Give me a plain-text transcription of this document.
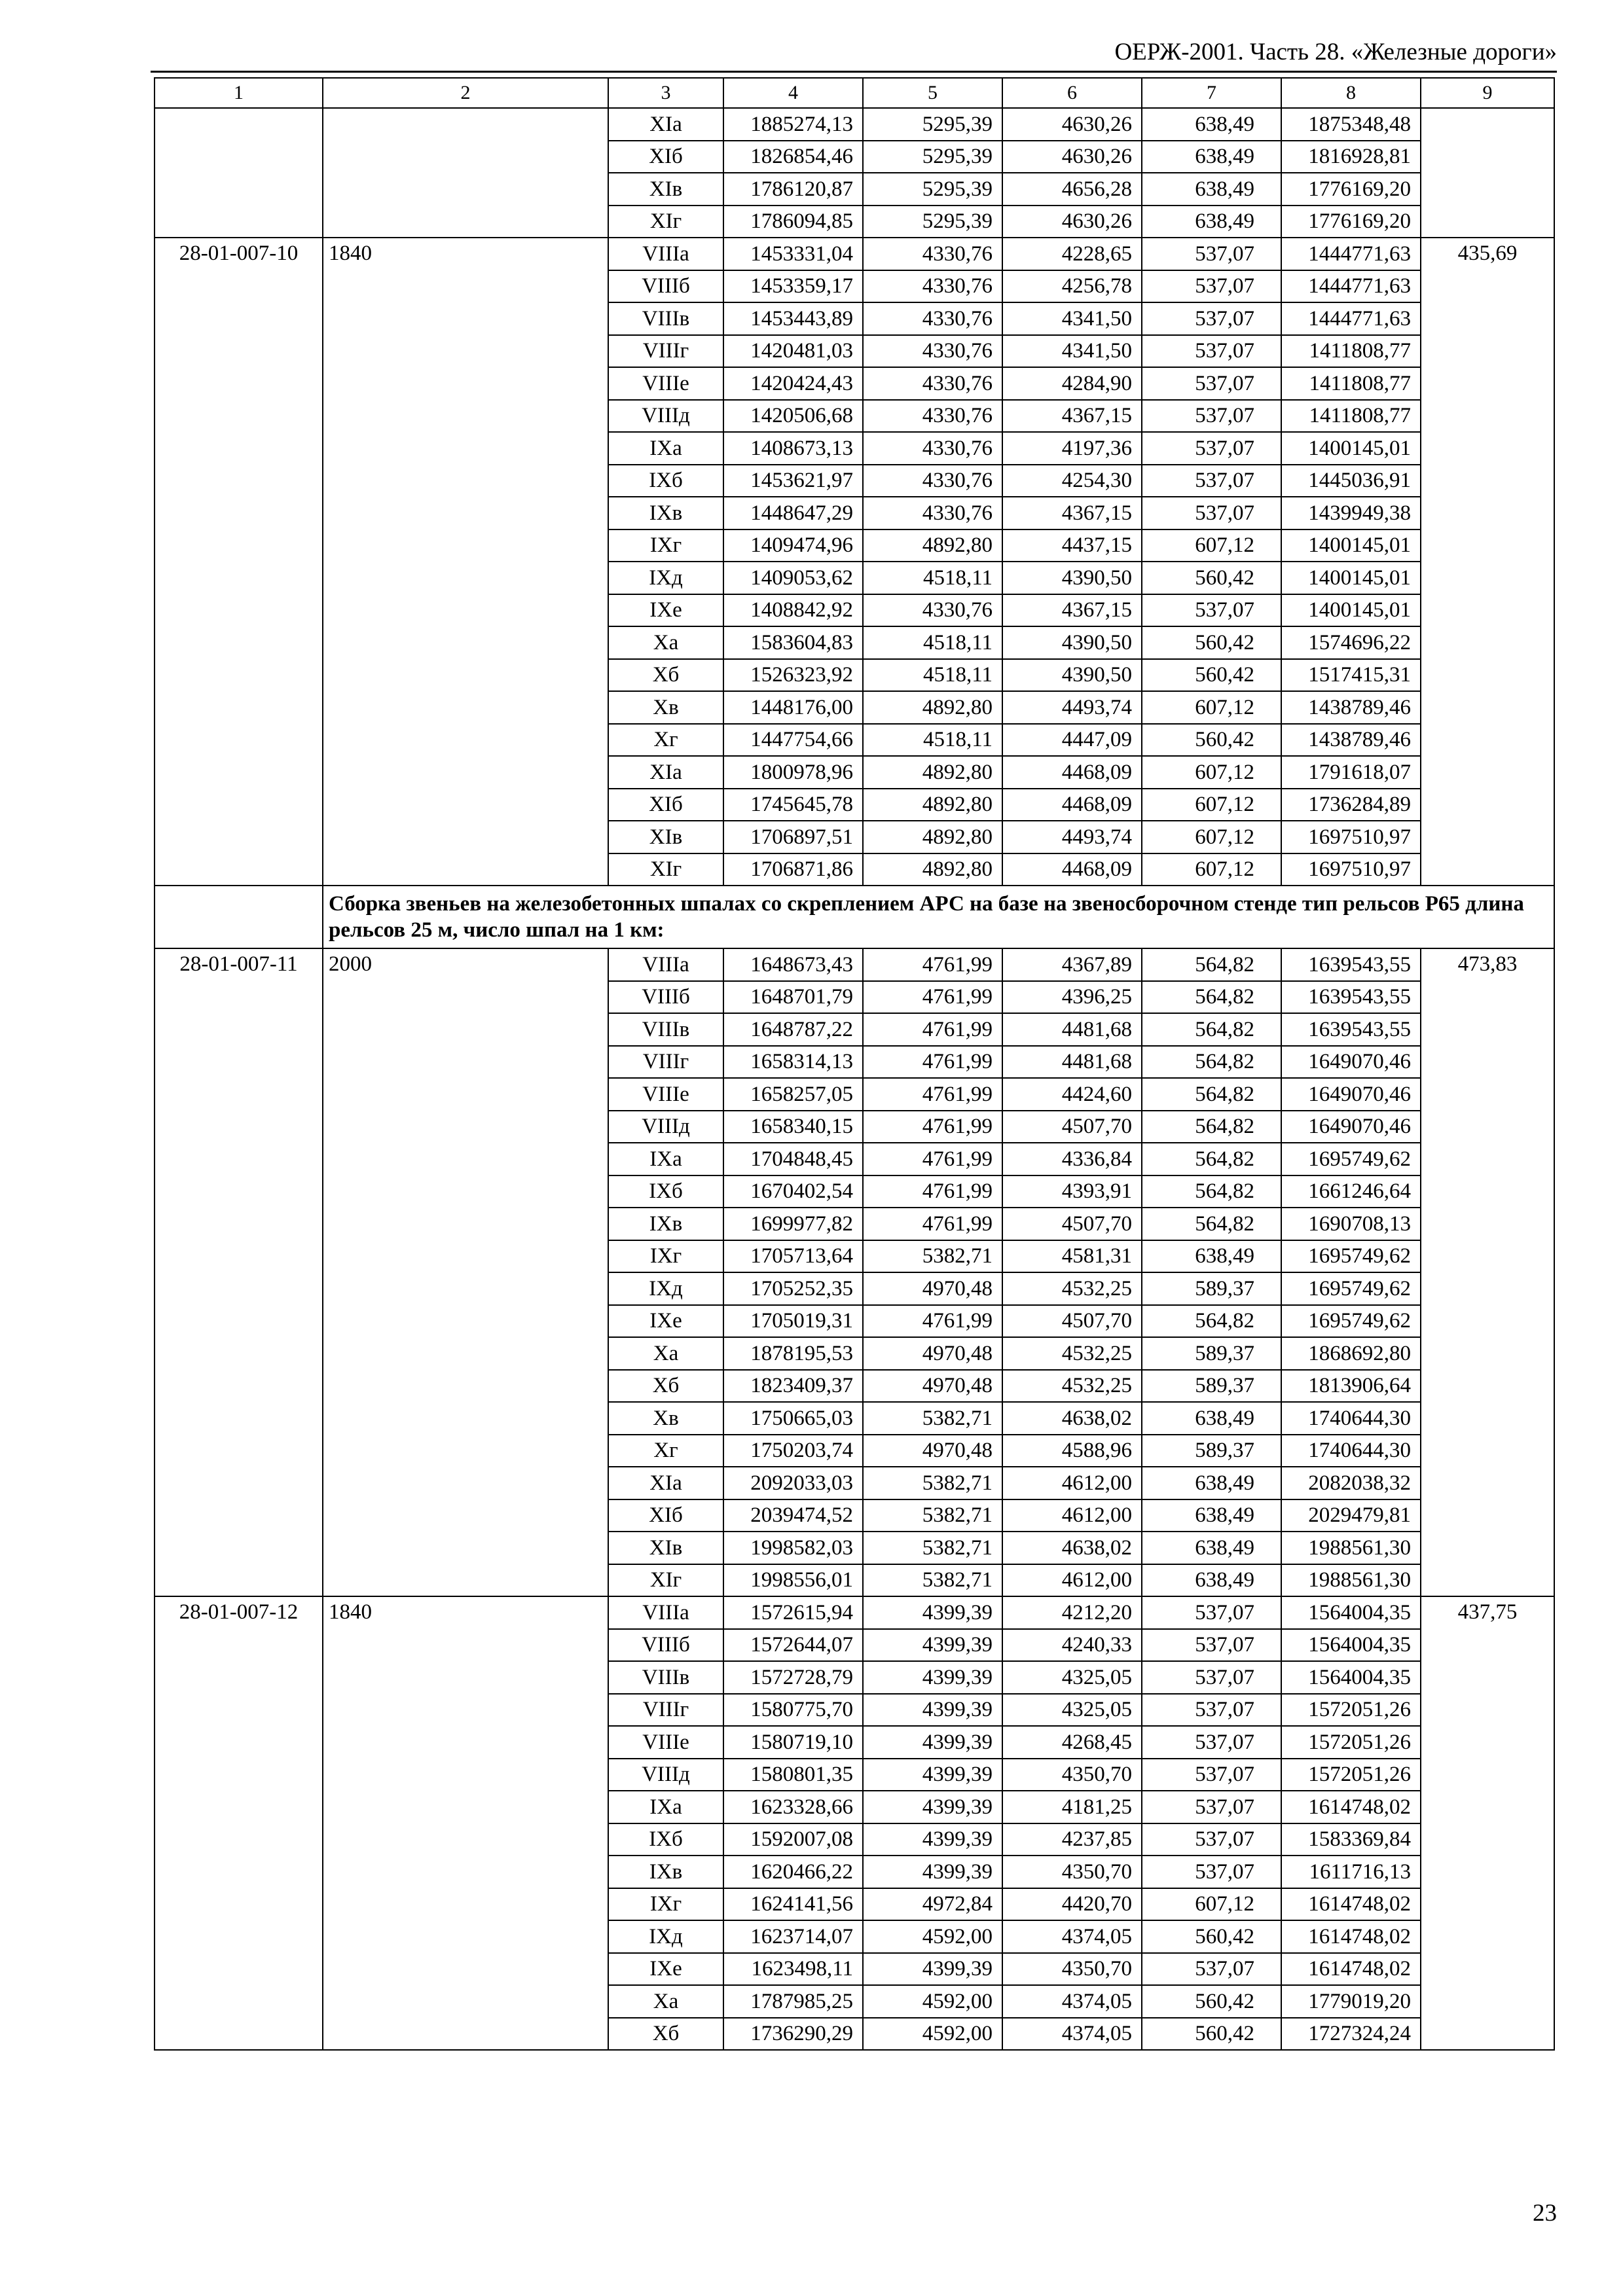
ОЕРЖ-2001. Часть 28. «Железные дороги»
1	2	3	4	5	6	7	8	9
		XIа	1885274,13	5295,39	4630,26	638,49	1875348,48	
		XIб	1826854,46	5295,39	4630,26	638,49	1816928,81	
		XIв	1786120,87	5295,39	4656,28	638,49	1776169,20	
		XIг	1786094,85	5295,39	4630,26	638,49	1776169,20	
28-01-007-10	1840	VIIIа	1453331,04	4330,76	4228,65	537,07	1444771,63	435,69
		VIIIб	1453359,17	4330,76	4256,78	537,07	1444771,63	
		VIIIв	1453443,89	4330,76	4341,50	537,07	1444771,63	
		VIIIг	1420481,03	4330,76	4341,50	537,07	1411808,77	
		VIIIе	1420424,43	4330,76	4284,90	537,07	1411808,77	
		VIIIд	1420506,68	4330,76	4367,15	537,07	1411808,77	
		IXа	1408673,13	4330,76	4197,36	537,07	1400145,01	
		IXб	1453621,97	4330,76	4254,30	537,07	1445036,91	
		IXв	1448647,29	4330,76	4367,15	537,07	1439949,38	
		IXг	1409474,96	4892,80	4437,15	607,12	1400145,01	
		IXд	1409053,62	4518,11	4390,50	560,42	1400145,01	
		IXе	1408842,92	4330,76	4367,15	537,07	1400145,01	
		Xа	1583604,83	4518,11	4390,50	560,42	1574696,22	
		Xб	1526323,92	4518,11	4390,50	560,42	1517415,31	
		Xв	1448176,00	4892,80	4493,74	607,12	1438789,46	
		Xг	1447754,66	4518,11	4447,09	560,42	1438789,46	
		XIа	1800978,96	4892,80	4468,09	607,12	1791618,07	
		XIб	1745645,78	4892,80	4468,09	607,12	1736284,89	
		XIв	1706897,51	4892,80	4493,74	607,12	1697510,97	
		XIг	1706871,86	4892,80	4468,09	607,12	1697510,97	
	Сборка звеньев на железобетонных шпалах со скреплением АРС на базе на звеносборочном стенде тип рельсов Р65 длина рельсов 25 м, число шпал на 1 км:							
28-01-007-11	2000	VIIIа	1648673,43	4761,99	4367,89	564,82	1639543,55	473,83
		VIIIб	1648701,79	4761,99	4396,25	564,82	1639543,55	
		VIIIв	1648787,22	4761,99	4481,68	564,82	1639543,55	
		VIIIг	1658314,13	4761,99	4481,68	564,82	1649070,46	
		VIIIе	1658257,05	4761,99	4424,60	564,82	1649070,46	
		VIIIд	1658340,15	4761,99	4507,70	564,82	1649070,46	
		IXа	1704848,45	4761,99	4336,84	564,82	1695749,62	
		IXб	1670402,54	4761,99	4393,91	564,82	1661246,64	
		IXв	1699977,82	4761,99	4507,70	564,82	1690708,13	
		IXг	1705713,64	5382,71	4581,31	638,49	1695749,62	
		IXд	1705252,35	4970,48	4532,25	589,37	1695749,62	
		IXе	1705019,31	4761,99	4507,70	564,82	1695749,62	
		Xа	1878195,53	4970,48	4532,25	589,37	1868692,80	
		Xб	1823409,37	4970,48	4532,25	589,37	1813906,64	
		Xв	1750665,03	5382,71	4638,02	638,49	1740644,30	
		Xг	1750203,74	4970,48	4588,96	589,37	1740644,30	
		XIа	2092033,03	5382,71	4612,00	638,49	2082038,32	
		XIб	2039474,52	5382,71	4612,00	638,49	2029479,81	
		XIв	1998582,03	5382,71	4638,02	638,49	1988561,30	
		XIг	1998556,01	5382,71	4612,00	638,49	1988561,30	
28-01-007-12	1840	VIIIа	1572615,94	4399,39	4212,20	537,07	1564004,35	437,75
		VIIIб	1572644,07	4399,39	4240,33	537,07	1564004,35	
		VIIIв	1572728,79	4399,39	4325,05	537,07	1564004,35	
		VIIIг	1580775,70	4399,39	4325,05	537,07	1572051,26	
		VIIIе	1580719,10	4399,39	4268,45	537,07	1572051,26	
		VIIIд	1580801,35	4399,39	4350,70	537,07	1572051,26	
		IXа	1623328,66	4399,39	4181,25	537,07	1614748,02	
		IXб	1592007,08	4399,39	4237,85	537,07	1583369,84	
		IXв	1620466,22	4399,39	4350,70	537,07	1611716,13	
		IXг	1624141,56	4972,84	4420,70	607,12	1614748,02	
		IXд	1623714,07	4592,00	4374,05	560,42	1614748,02	
		IXе	1623498,11	4399,39	4350,70	537,07	1614748,02	
		Xа	1787985,25	4592,00	4374,05	560,42	1779019,20	
		Xб	1736290,29	4592,00	4374,05	560,42	1727324,24	
23
